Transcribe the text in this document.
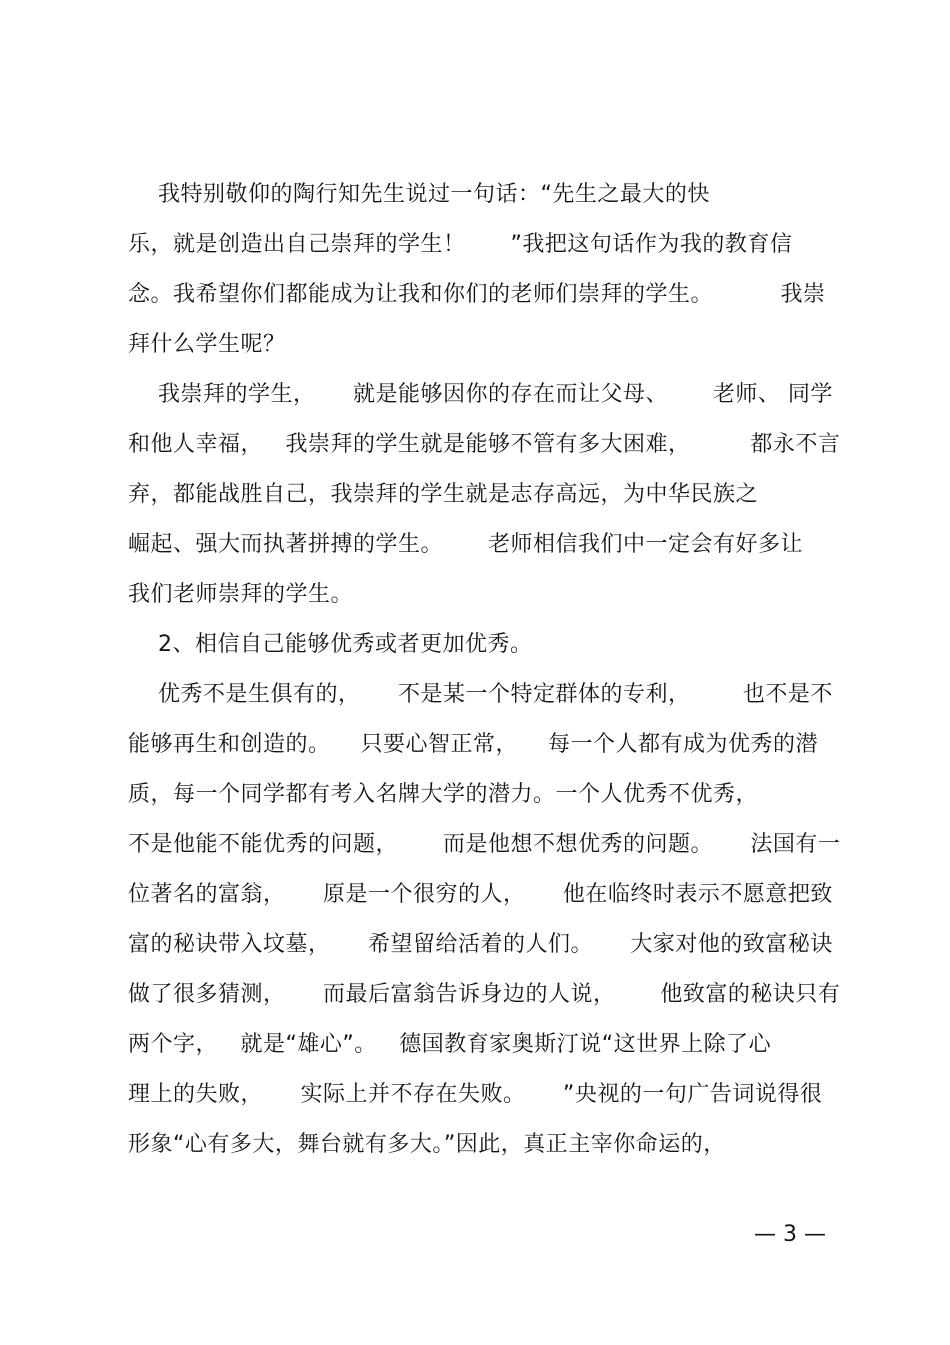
我特别敬仰的陶行知先生说过一句话：“先生之最大的快
乐，就是创造出自己崇拜的学生！      ”我把这句话作为我的教育信
念。我希望你们都能成为让我和你们的老师们崇拜的学生。         我崇
拜什么学生呢？
我崇拜的学生，     就是能够因你的存在而让父母、      老师、 同学
和他人幸福，   我崇拜的学生就是能够不管有多大困难，        都永不言
弃，都能战胜自己，我崇拜的学生就是志存高远，为中华民族之
崛起、强大而执著拼搏的学生。      老师相信我们中一定会有好多让
我们老师崇拜的学生。
2、相信自己能够优秀或者更加优秀。
优秀不是生俱有的，     不是某一个特定群体的专利，       也不是不
能够再生和创造的。    只要心智正常，    每一个人都有成为优秀的潜
质，每一个同学都有考入名牌大学的潜力。一个人优秀不优秀，
不是他能不能优秀的问题，      而是他想不想优秀的问题。     法国有一
位著名的富翁，     原是一个很穷的人，     他在临终时表示不愿意把致
富的秘诀带入坟墓，     希望留给活着的人们。     大家对他的致富秘诀
做了很多猜测，     而最后富翁告诉身边的人说，      他致富的秘诀只有
两个字，   就是“雄心”。   德国教育家奥斯汀说“这世界上除了心
理上的失败，     实际上并不存在失败。     ”央视的一句广告词说得很
形象“心有多大，舞台就有多大。”因此，真正主宰你命运的，
— 3 —
